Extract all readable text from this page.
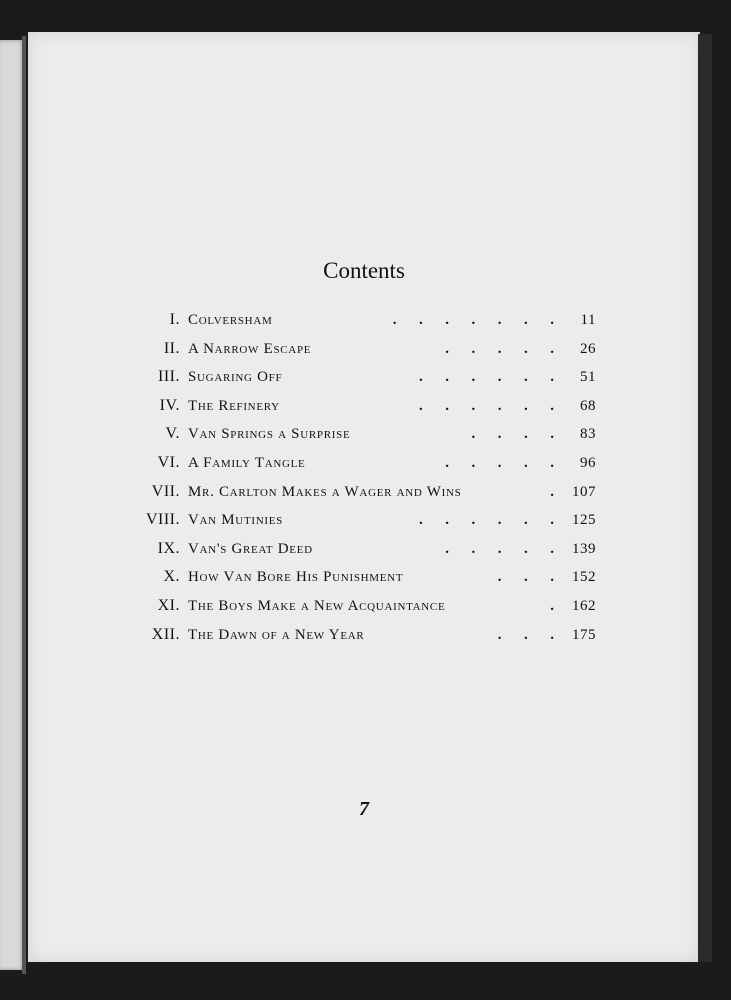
Contents
I. Colversham	.      .      .      .      .      .      .	11
II. A Narrow Escape	.      .      .      .      .	26
III. Sugaring Off	.      .      .      .      .      .	51
IV. The Refinery	.      .      .      .      .      .	68
V. Van Springs a Surprise	.      .      .      .	83
VI. A Family Tangle	.      .      .      .      .	96
VII. Mr. Carlton Makes a Wager and Wins	.	107
VIII. Van Mutinies	.      .      .      .      .      .	125
IX. Van's Great Deed	.      .      .      .      .	139
X. How Van Bore His Punishment	.      .      .	152
XI. The Boys Make a New Acquaintance	.	162
XII. The Dawn of a New Year	.      .      .	175
7
